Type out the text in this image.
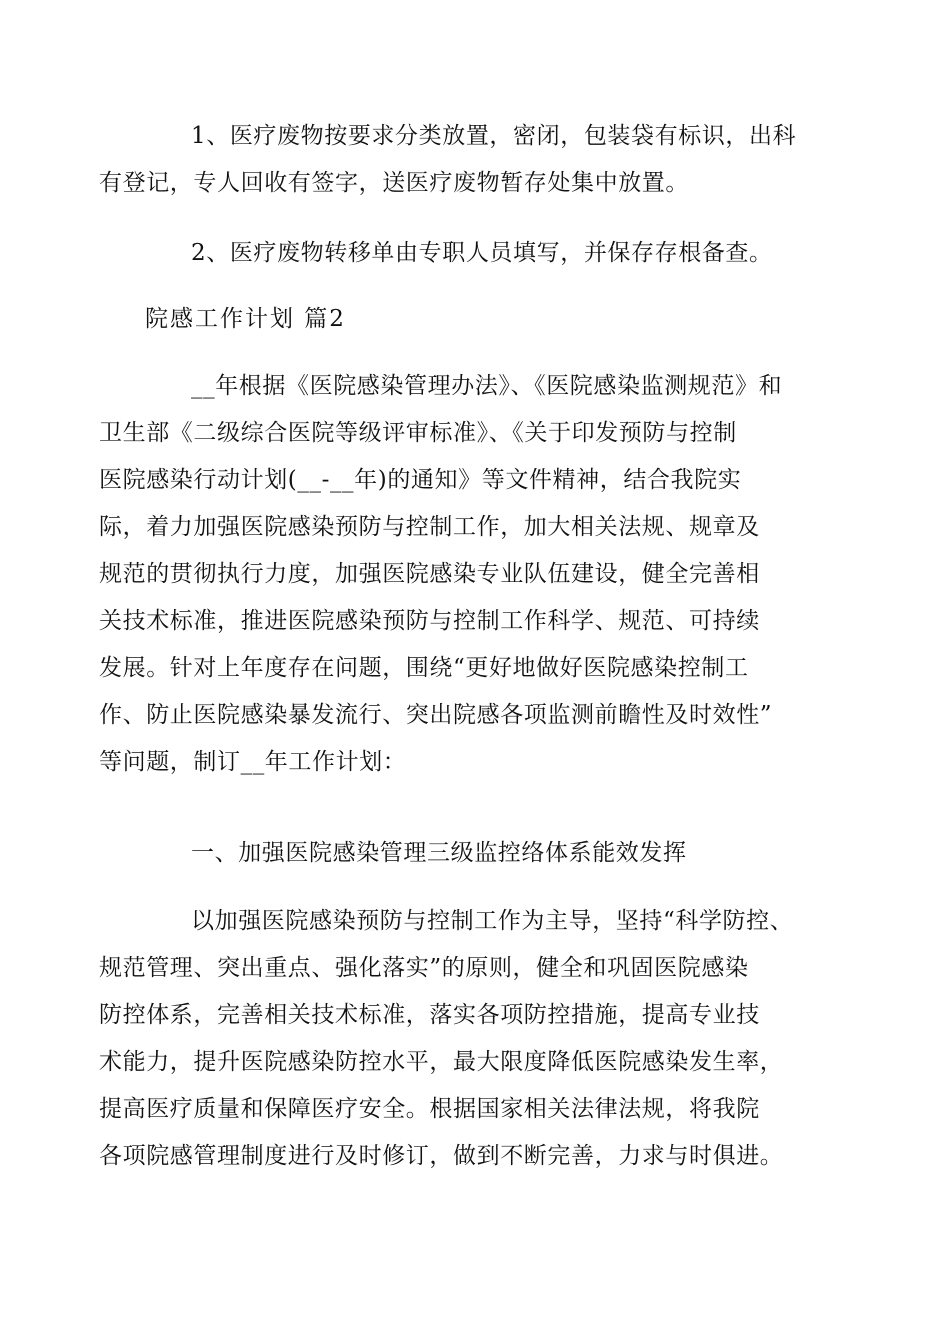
1、医疗废物按要求分类放置，密闭，包装袋有标识，出科
有登记，专人回收有签字，送医疗废物暂存处集中放置。

2、医疗废物转移单由专职人员填写，并保存存根备查。

院感工作计划 篇2

__年根据《医院感染管理办法》、《医院感染监测规范》和
卫生部《二级综合医院等级评审标准》、《关于印发预防与控制
医院感染行动计划(__-__年)的通知》等文件精神，结合我院实
际，着力加强医院感染预防与控制工作，加大相关法规、规章及
规范的贯彻执行力度，加强医院感染专业队伍建设，健全完善相
关技术标准，推进医院感染预防与控制工作科学、规范、可持续
发展。针对上年度存在问题，围绕“更好地做好医院感染控制工
作、防止医院感染暴发流行、突出院感各项监测前瞻性及时效性”
等问题，制订__年工作计划：

一、加强医院感染管理三级监控络体系能效发挥

以加强医院感染预防与控制工作为主导，坚持“科学防控、
规范管理、突出重点、强化落实”的原则，健全和巩固医院感染
防控体系，完善相关技术标准，落实各项防控措施，提高专业技
术能力，提升医院感染防控水平，最大限度降低医院感染发生率，
提高医疗质量和保障医疗安全。根据国家相关法律法规，将我院
各项院感管理制度进行及时修订，做到不断完善，力求与时俱进。
